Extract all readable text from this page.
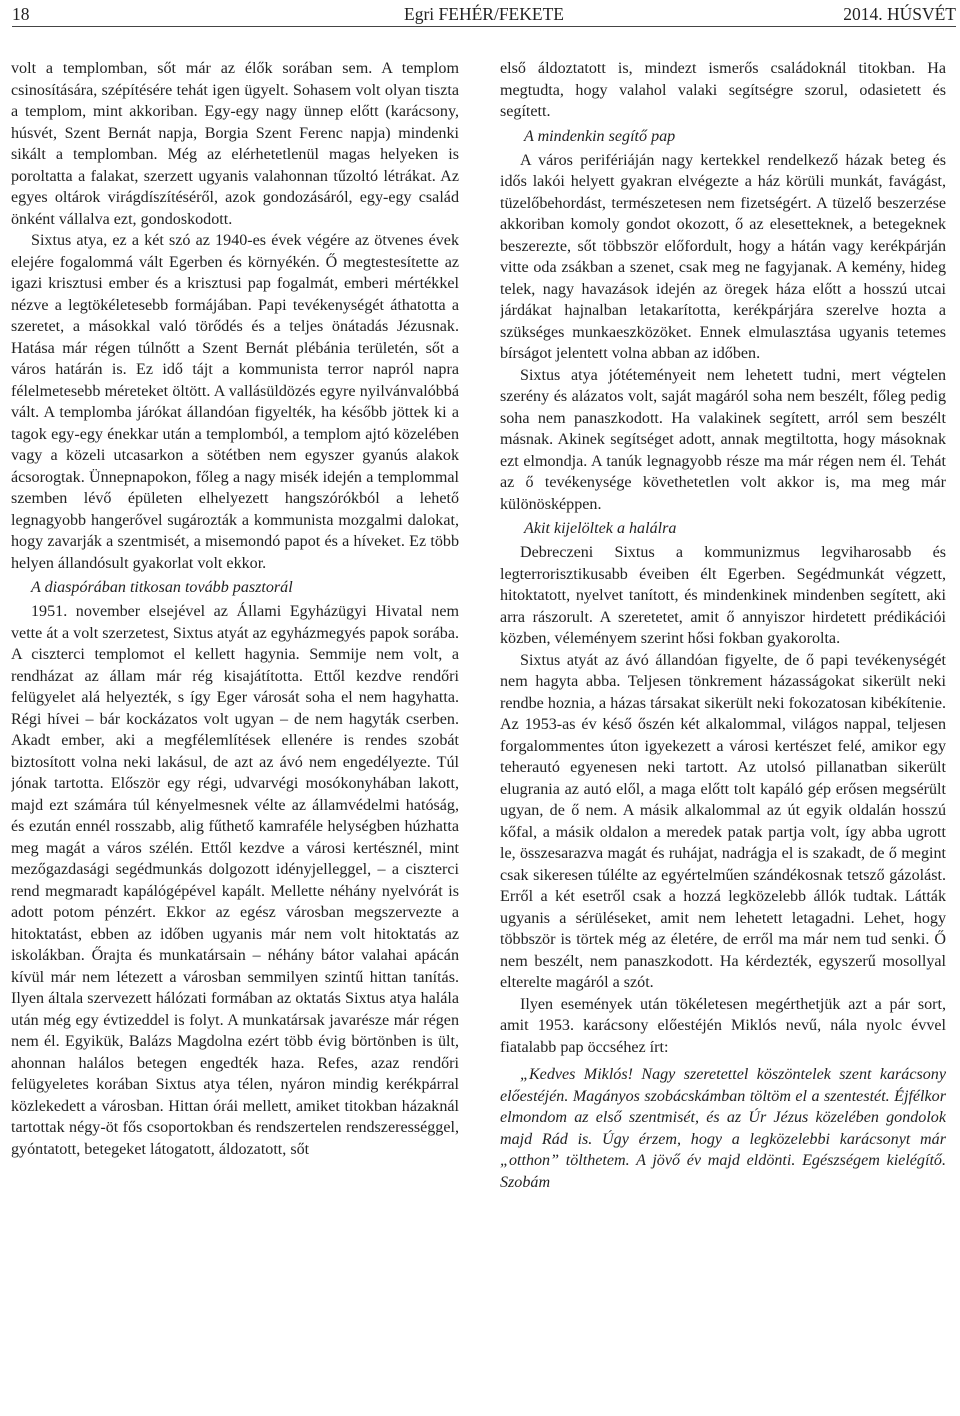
18	Egri FEHÉR/FEKETE	2014. HÚSVÉT

volt a templomban, sőt már az élők sorában sem. A templom csinosítására, szépítésére tehát igen ügyelt. Sohasem volt olyan tiszta a templom, mint akkoriban. Egy-egy nagy ünnep előtt (karácsony, húsvét, Szent Bernát napja, Borgia Szent Ferenc napja) mindenki sikált a templomban. Még az elérhetetlenül magas helyeken is poroltatta a falakat, szerzett ugyanis valahonnan tűzoltó létrákat. Az egyes oltárok virágdíszítéséről, azok gondozásáról, egy-egy család önként vállalva ezt, gondoskodott.

Sixtus atya, ez a két szó az 1940-es évek végére az ötvenes évek elejére fogalommá vált Egerben és környékén. Ő megtestesítette az igazi krisztusi ember és a krisztusi pap fogalmát, emberi mértékkel nézve a legtökéletesebb formájában. Papi tevékenységét áthatotta a szeretet, a másokkal való törődés és a teljes önátadás Jézusnak. Hatása már régen túlnőtt a Szent Bernát plébánia területén, sőt a város határán is. Ez idő tájt a kommunista terror napról napra félelmetesebb méreteket öltött. A vallásüldözés egyre nyilvánvalóbbá vált. A templomba járókat állandóan figyelték, ha később jöttek ki a tagok egy-egy énekkar után a templomból, a templom ajtó közelében vagy a közeli utcasarkon a sötétben nem egyszer gyanús alakok ácsorogtak. Ünnepnapokon, főleg a nagy misék idején a templommal szemben lévő épületen elhelyezett hangszórókból a lehető legnagyobb hangerővel sugározták a kommunista mozgalmi dalokat, hogy zavarják a szentmisét, a misemondó papot és a híveket. Ez több helyen állandósult gyakorlat volt ekkor.

A diaspórában titkosan tovább pasztorál

1951. november elsejével az Állami Egyházügyi Hivatal nem vette át a volt szerzetest, Sixtus atyát az egyházmegyés papok sorába. A ciszterci templomot el kellett hagynia. Semmije nem volt, a rendházat az állam már rég kisajátította. Ettől kezdve rendőri felügyelet alá helyezték, s így Eger városát soha el nem hagyhatta. Régi hívei – bár kockázatos volt ugyan – de nem hagyták cserben. Akadt ember, aki a megfélemlítések ellenére is rendes szobát biztosított volna neki lakásul, de azt az ávó nem engedélyezte. Túl jónak tartotta. Először egy régi, udvarvégi mosókonyhában lakott, majd ezt számára túl kényelmesnek vélte az államvédelmi hatóság, és ezután ennél rosszabb, alig fűthető kamraféle helységben húzhatta meg magát a város szélén. Ettől kezdve a városi kertésznél, mint mezőgazdasági segédmunkás dolgozott idényjelleggel, – a ciszterci rend megmaradt kapálógépével kapált. Mellette néhány nyelvórát is adott potom pénzért. Ekkor az egész városban megszervezte a hitoktatást, ebben az időben ugyanis már nem volt hitoktatás az iskolákban. Őrajta és munkatársain – néhány bátor valahai apácán kívül már nem létezett a városban semmilyen szintű hittan tanítás. Ilyen általa szervezett hálózati formában az oktatás Sixtus atya halála után még egy évtizeddel is folyt. A munkatársak javarésze már régen nem él. Egyikük, Balázs Magdolna ezért több évig börtönben is ült, ahonnan halálos betegen engedték haza. Refes, azaz rendőri felügyeletes korában Sixtus atya télen, nyáron mindig kerékpárral közlekedett a városban. Hittan órái mellett, amiket titokban házaknál tartottak négy-öt fős csoportokban és rendszertelen rendszerességgel, gyóntatott, betegeket látogatott, áldozatott, sőt

első áldoztatott is, mindezt ismerős családoknál titokban. Ha megtudta, hogy valahol valaki segítségre szorul, odasietett és segített.

A mindenkin segítő pap

A város perifériáján nagy kertekkel rendelkező házak beteg és idős lakói helyett gyakran elvégezte a ház körüli munkát, favágást, tüzelőbehordást, természetesen nem fizetségért. A tüzelő beszerzése akkoriban komoly gondot okozott, ő az elesetteknek, a betegeknek beszerezte, sőt többször előfordult, hogy a hátán vagy kerékpárján vitte oda zsákban a szenet, csak meg ne fagyjanak. A kemény, hideg telek, nagy havazások idején az öregek háza előtt a hosszú utcai járdákat hajnalban letakarította, kerékpárjára szerelve hozta a szükséges munkaeszközöket. Ennek elmulasztása ugyanis tetemes bírságot jelentett volna abban az időben.

Sixtus atya jótéteményeit nem lehetett tudni, mert végtelen szerény és alázatos volt, saját magáról soha nem beszélt, főleg pedig soha nem panaszkodott. Ha valakinek segített, arról sem beszélt másnak. Akinek segítséget adott, annak megtiltotta, hogy másoknak ezt elmondja. A tanúk legnagyobb része ma már régen nem él. Tehát az ő tevékenysége követhetetlen volt akkor is, ma meg már különösképpen.

Akit kijelöltek a halálra

Debreczeni Sixtus a kommunizmus legviharosabb és legterrorisztikusabb éveiben élt Egerben. Segédmunkát végzett, hitoktatott, nyelvet tanított, és mindenkinek mindenben segített, aki arra rászorult. A szeretetet, amit ő annyiszor hirdetett prédikációi közben, véleményem szerint hősi fokban gyakorolta.

Sixtus atyát az ávó állandóan figyelte, de ő papi tevékenységét nem hagyta abba. Teljesen tönkrement házasságokat sikerült neki rendbe hoznia, a házas társakat sikerült neki fokozatosan kibékítenie. Az 1953-as év késő őszén két alkalommal, világos nappal, teljesen forgalommentes úton igyekezett a városi kertészet felé, amikor egy teherautó egyenesen neki tartott. Az utolsó pillanatban sikerült elugrania az autó elől, a maga előtt tolt kapáló gép erősen megsérült ugyan, de ő nem. A másik alkalommal az út egyik oldalán hosszú kőfal, a másik oldalon a meredek patak partja volt, így abba ugrott le, összesarazva magát és ruhájat, nadrágja el is szakadt, de ő megint csak sikeresen túlélte az egyértelműen szándékosnak tetsző gázolást. Erről a két esetről csak a hozzá legközelebb állók tudtak. Látták ugyanis a sérüléseket, amit nem lehetett letagadni. Lehet, hogy többször is törtek még az életére, de erről ma már nem tud senki. Ő nem beszélt, nem panaszkodott. Ha kérdezték, egyszerű mosollyal elterelte magáról a szót.

Ilyen események után tökéletesen megérthetjük azt a pár sort, amit 1953. karácsony előestéjén Miklós nevű, nála nyolc évvel fiatalabb pap öccséhez írt:

„Kedves Miklós! Nagy szeretettel köszöntelek szent karácsony előestéjén. Magányos szobácskámban töltöm el a szentestét. Éjfélkor elmondom az első szentmisét, és az Úr Jézus közelében gondolok majd Rád is. Úgy érzem, hogy a legközelebbi karácsonyt már „otthon” tölthetem. A jövő év majd eldönti. Egészségem kielégítő. Szobám
